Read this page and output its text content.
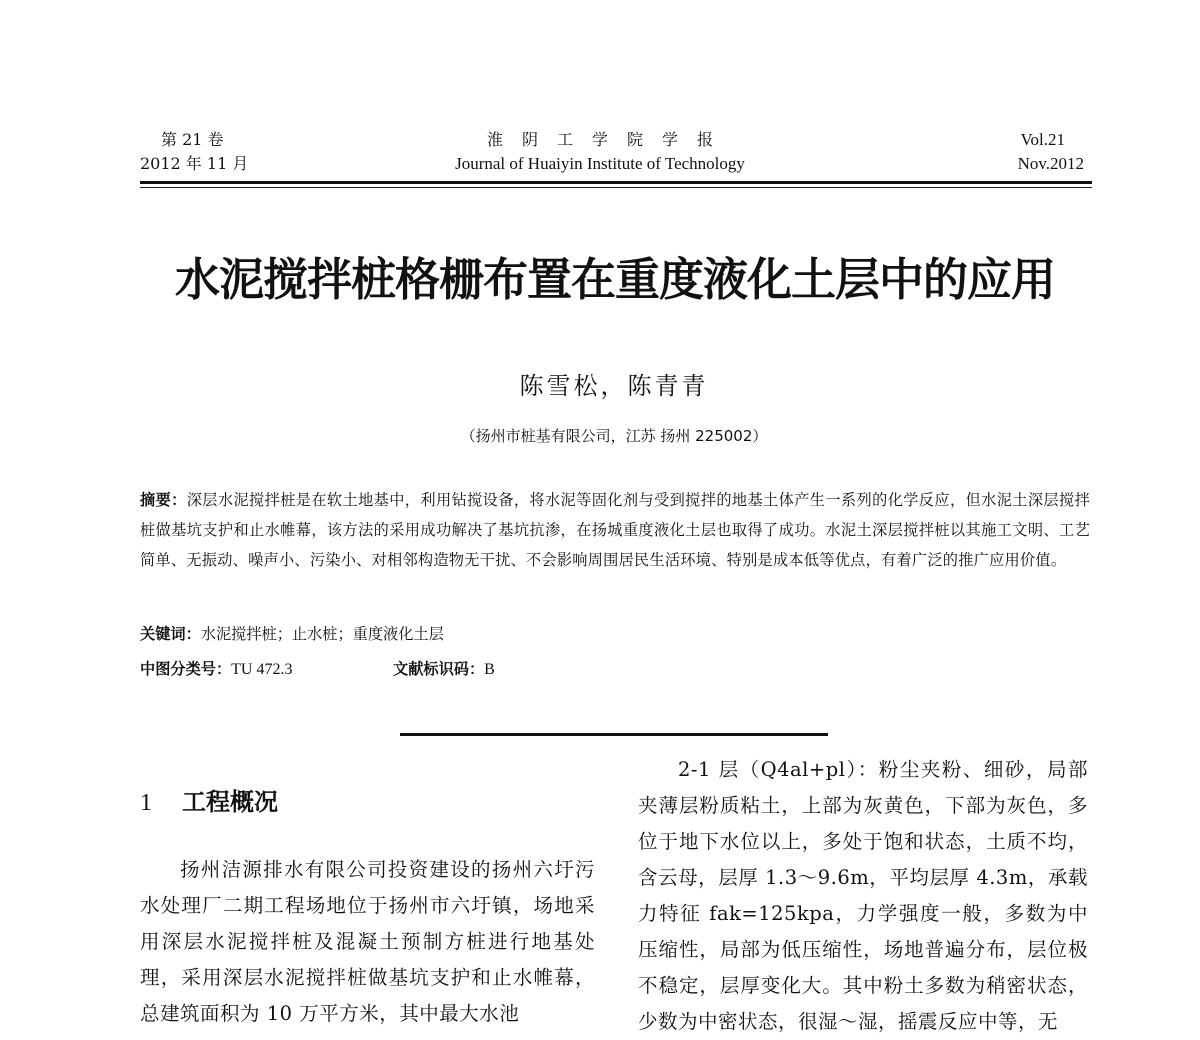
第 21 卷
2012 年 11 月
淮阴工学院学报
Journal of Huaiyin Institute of Technology
Vol.21
Nov.2012
水泥搅拌桩格栅布置在重度液化土层中的应用
陈雪松，陈青青
（扬州市桩基有限公司，江苏 扬州 225002）
摘要：深层水泥搅拌桩是在软土地基中，利用钻搅设备，将水泥等固化剂与受到搅拌的地基土体产生一系列的化学反应，但水泥土深层搅拌桩做基坑支护和止水帷幕，该方法的采用成功解决了基坑抗渗，在扬城重度液化土层也取得了成功。水泥土深层搅拌桩以其施工文明、工艺简单、无振动、噪声小、污染小、对相邻构造物无干扰、不会影响周围居民生活环境、特别是成本低等优点，有着广泛的推广应用价值。
关键词：水泥搅拌桩；止水桩；重度液化土层
中图分类号：TU 472.3	文献标识码：B
1 工程概况

扬州洁源排水有限公司投资建设的扬州六圩污水处理厂二期工程场地位于扬州市六圩镇，场地采用深层水泥搅拌桩及混凝土预制方桩进行地基处理，采用深层水泥搅拌桩做基坑支护和止水帷幕，总建筑面积为 10 万平方米，其中最大水池

2-1 层（Q4al+pl）：粉尘夹粉、细砂，局部夹薄层粉质粘土，上部为灰黄色，下部为灰色，多位于地下水位以上，多处于饱和状态，土质不均，含云母，层厚 1.3～9.6m，平均层厚 4.3m，承载力特征 fak=125kpa，力学强度一般，多数为中压缩性，局部为低压缩性，场地普遍分布，层位极不稳定，层厚变化大。其中粉土多数为稍密状态，少数为中密状态，很湿～湿，摇震反应中等，无
